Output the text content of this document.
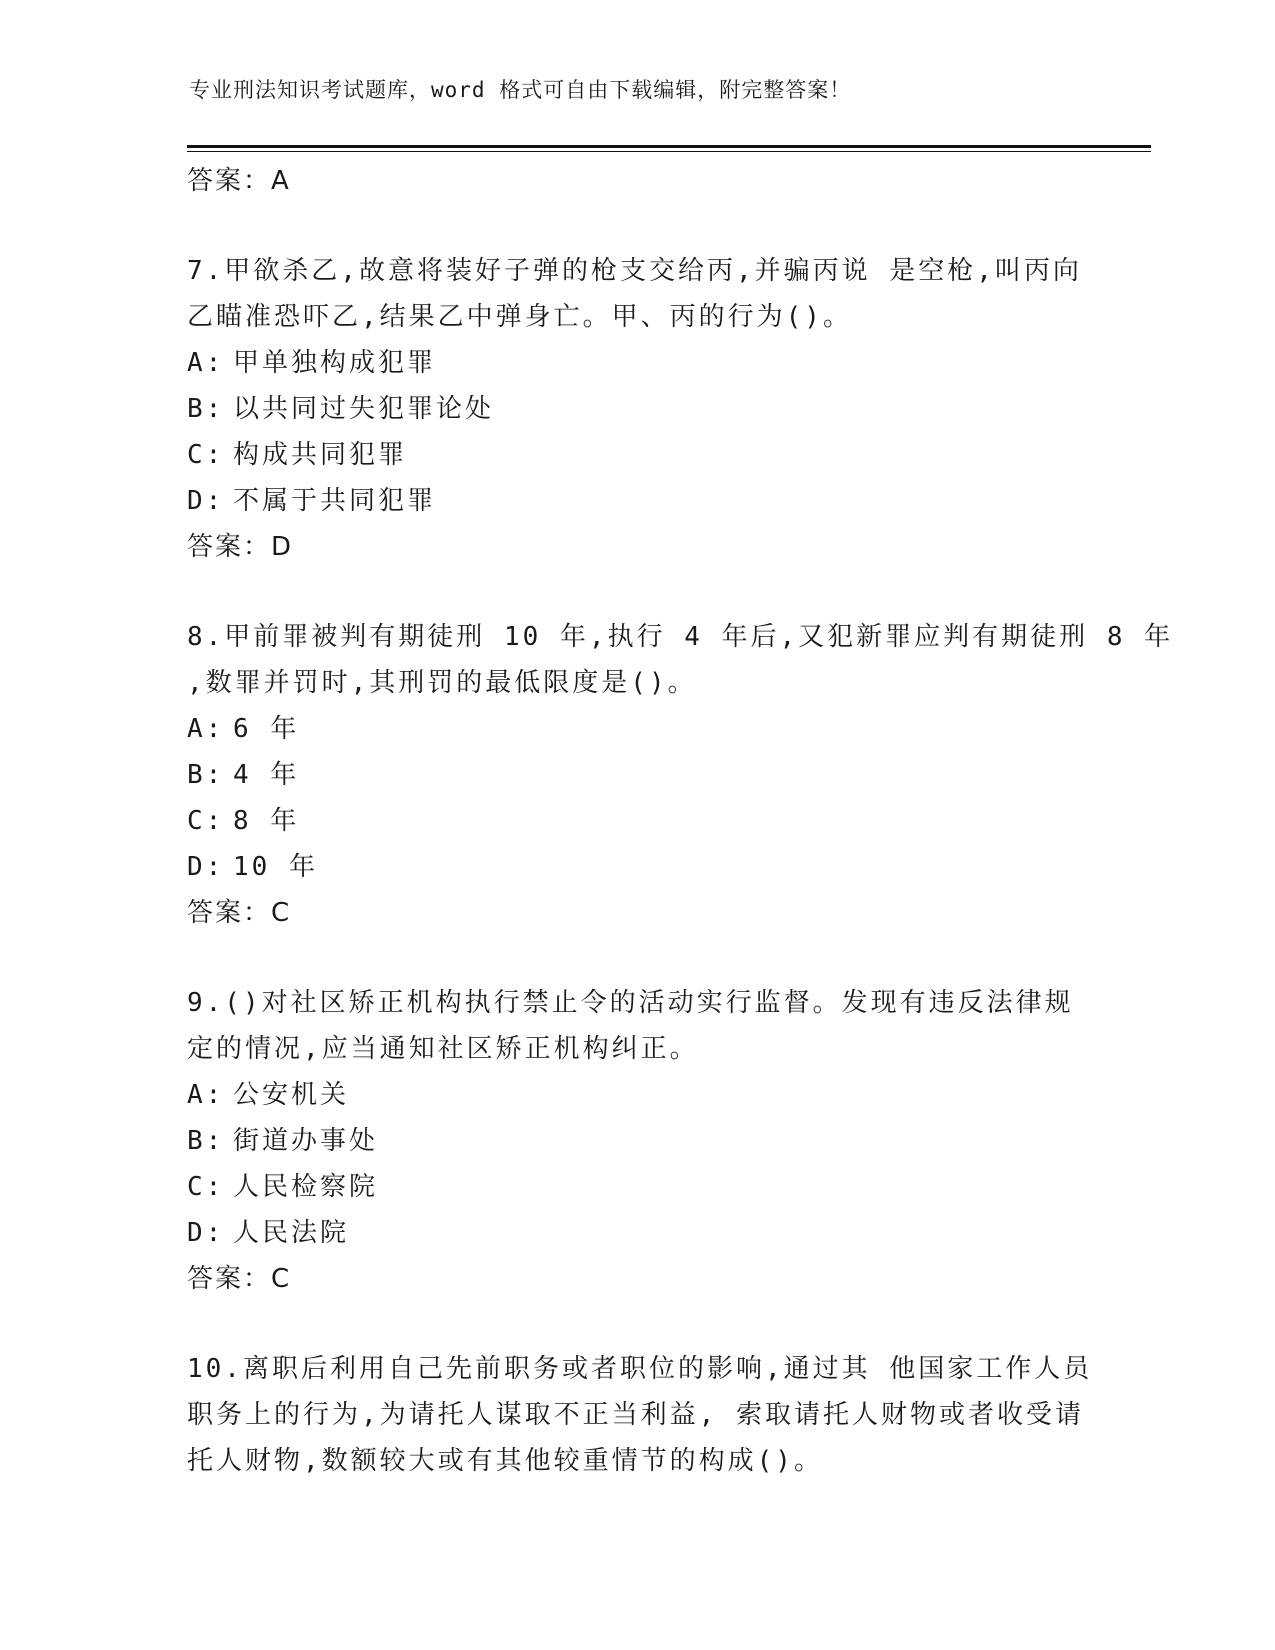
专业刑法知识考试题库，word 格式可自由下载编辑，附完整答案！
答案：A
7.甲欲杀乙,故意将装好子弹的枪支交给丙,并骗丙说 是空枪,叫丙向
乙瞄准恐吓乙,结果乙中弹身亡。甲、丙的行为()。
A: 甲单独构成犯罪
B: 以共同过失犯罪论处
C: 构成共同犯罪
D: 不属于共同犯罪
答案：D
8.甲前罪被判有期徒刑 10 年,执行 4 年后,又犯新罪应判有期徒刑 8 年
,数罪并罚时,其刑罚的最低限度是()。
A: 6 年
B: 4 年
C: 8 年
D: 10 年
答案：C
9.()对社区矫正机构执行禁止令的活动实行监督。发现有违反法律规
定的情况,应当通知社区矫正机构纠正。
A: 公安机关
B: 街道办事处
C: 人民检察院
D: 人民法院
答案：C
10.离职后利用自己先前职务或者职位的影响,通过其 他国家工作人员
职务上的行为,为请托人谋取不正当利益, 索取请托人财物或者收受请
托人财物,数额较大或有其他较重情节的构成()。
